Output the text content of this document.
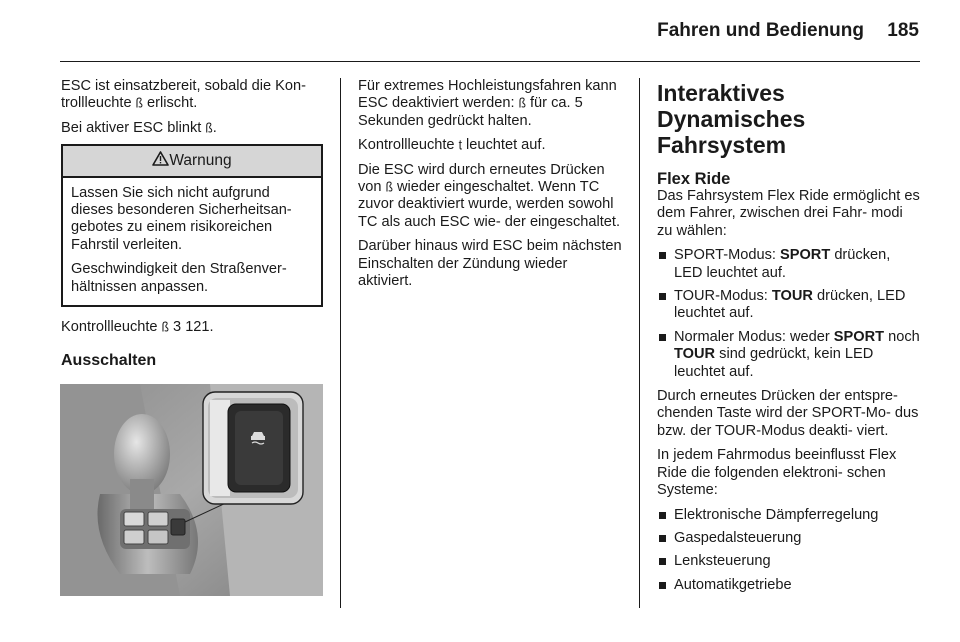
Fahren und Bedienung 185

ESC ist einsatzbereit, sobald die Kon-
trollleuchte ß erlischt.

Bei aktiver ESC blinkt ß.

Warnung

Lassen Sie sich nicht aufgrund dieses besonderen Sicherheitsan- gebotes zu einem risikoreichen Fahrstil verleiten.

Geschwindigkeit den Straßenver- hältnissen anpassen.

Kontrollleuchte ß 3 121.

Ausschalten

Für extremes Hochleistungsfahren kann ESC deaktiviert werden: ß für ca. 5 Sekunden gedrückt halten.

Kontrollleuchte t leuchtet auf.

Die ESC wird durch erneutes Drücken von ß wieder eingeschaltet. Wenn TC zuvor deaktiviert wurde, werden sowohl TC als auch ESC wie- der eingeschaltet.

Darüber hinaus wird ESC beim nächsten Einschalten der Zündung wieder aktiviert.

Interaktives Dynamisches Fahrsystem
Flex Ride

Das Fahrsystem Flex Ride ermöglicht es dem Fahrer, zwischen drei Fahr- modi zu wählen:

SPORT-Modus: SPORT drücken, LED leuchtet auf.
TOUR-Modus: TOUR drücken, LED leuchtet auf.
Normaler Modus: weder SPORT noch TOUR sind gedrückt, kein LED leuchtet auf.

Durch erneutes Drücken der entspre- chenden Taste wird der SPORT-Mo- dus bzw. der TOUR-Modus deakti- viert.

In jedem Fahrmodus beeinflusst Flex Ride die folgenden elektroni- schen Systeme:

Elektronische Dämpferregelung
Gaspedalsteuerung
Lenksteuerung
Automatikgetriebe
